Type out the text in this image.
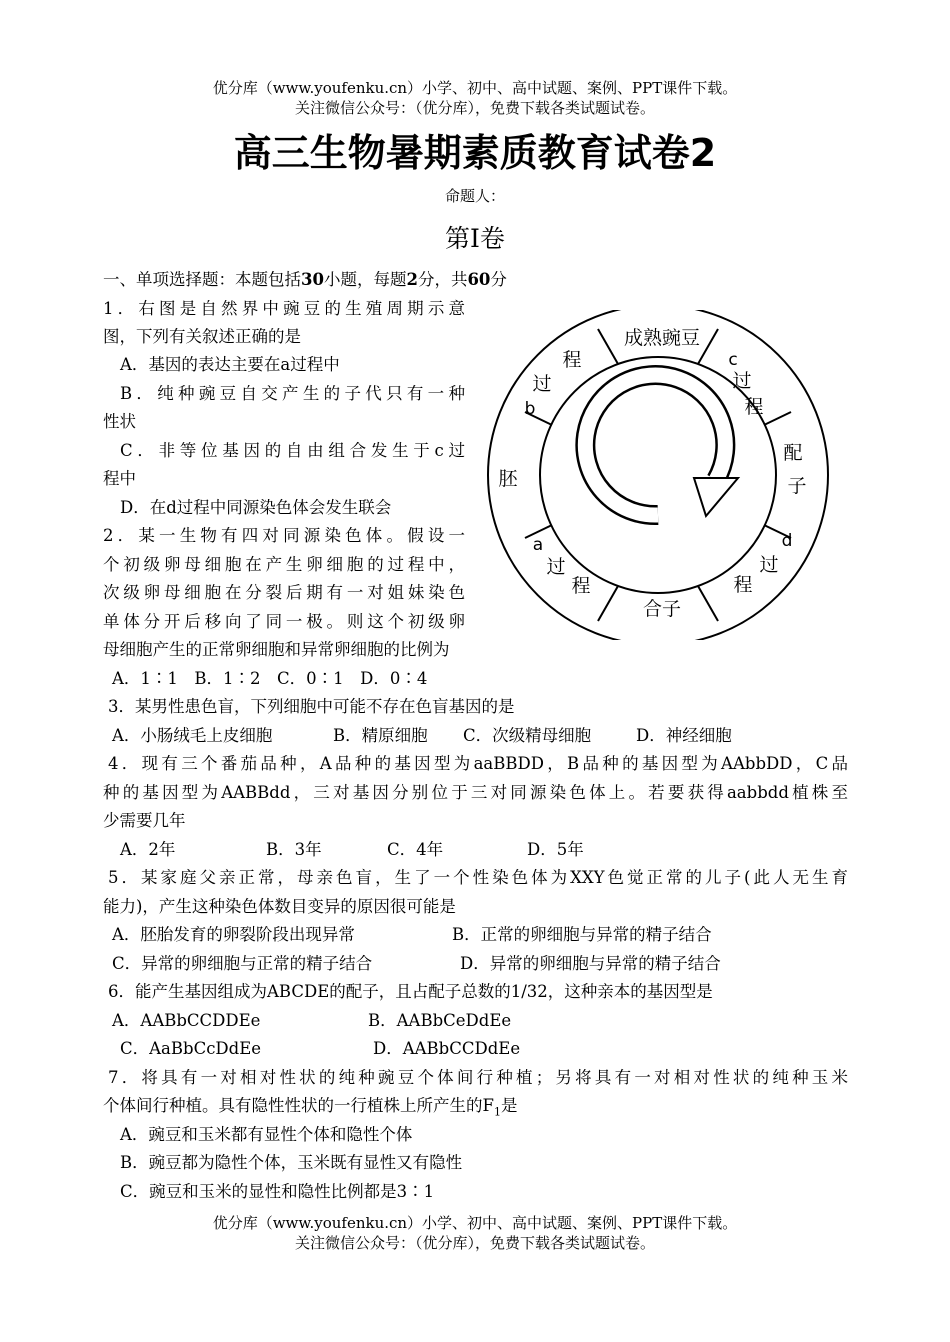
优分库（www.youfenku.cn）小学、初中、高中试题、案例、PPT课件下载。
关注微信公众号：（优分库），免费下载各类试题试卷。
高三生物暑期素质教育试卷2
命题人：
第Ⅰ卷
一、单项选择题：本题包括30小题，每题2分，共60分
1．右图是自然界中豌豆的生殖周期示意
图，下列有关叙述正确的是
A．基因的表达主要在a过程中
B．纯种豌豆自交产生的子代只有一种
性状
C．非等位基因的自由组合发生于c过
程中
D．在d过程中同源染色体会发生联会
2．某一生物有四对同源染色体。假设一
个初级卵母细胞在产生卵细胞的过程中，
次级卵母细胞在分裂后期有一对姐妹染色
单体分开后移向了同一极。则这个初级卵
母细胞产生的正常卵细胞和异常卵细胞的比例为
A．1∶1　B．1∶2　C．0∶1　D．0∶4
3．某男性患色盲，下列细胞中可能不存在色盲基因的是
A．小肠绒毛上皮细胞	B．精原细胞 C．次级精母细胞	D．神经细胞
4．现有三个番茄品种，A品种的基因型为aaBBDD，B品种的基因型为AAbbDD，C品
种的基因型为AABBdd，三对基因分别位于三对同源染色体上。若要获得aabbdd植株至
少需要几年
A．2年	B．3年	C．4年	D．5年
5．某家庭父亲正常，母亲色盲，生了一个性染色体为XXY色觉正常的儿子(此人无生育
能力)，产生这种染色体数目变异的原因很可能是
A．胚胎发育的卵裂阶段出现异常	B．正常的卵细胞与异常的精子结合
C．异常的卵细胞与正常的精子结合	D．异常的卵细胞与异常的精子结合
6．能产生基因组成为ABCDE的配子，且占配子总数的1/32，这种亲本的基因型是
A．AABbCCDDEe	B．AABbCeDdEe
C．AaBbCcDdEe	D．AABbCCDdEe
7．将具有一对相对性状的纯种豌豆个体间行种植；另将具有一对相对性状的纯种玉米
个体间行种植。具有隐性性状的一行植株上所产生的$F_1$是
A．豌豆和玉米都有显性个体和隐性个体
B．豌豆都为隐性个体，玉米既有显性又有隐性
C．豌豆和玉米的显性和隐性比例都是3∶1
成熟豌豆
c
过
程
配
子
d
过
程
合子
a
过
程
胚
b
过
程
优分库（www.youfenku.cn）小学、初中、高中试题、案例、PPT课件下载。
关注微信公众号：（优分库），免费下载各类试题试卷。
